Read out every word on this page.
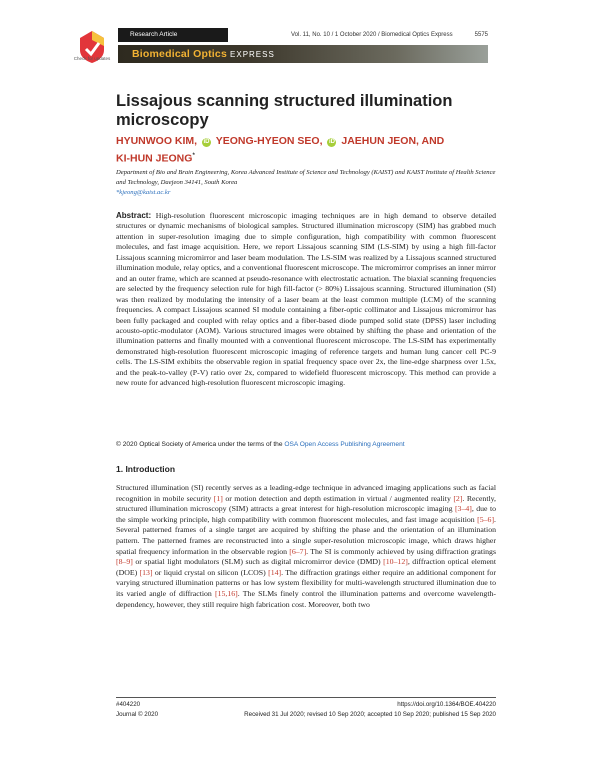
Check for updates
Research Article	Vol. 11, No. 10 / 1 October 2020 / Biomedical Optics Express	5575
Biomedical Optics EXPRESS
Lissajous scanning structured illumination microscopy
HYUNWOO KIM, iD YEONG-HYEON SEO, iD JAEHUN JEON, AND
KI-HUN JEONG*
Department of Bio and Brain Engineering, Korea Advanced Institute of Science and Technology (KAIST) and KAIST Institute of Health Science and Technology, Daejeon 34141, South Korea
*kjeong@kaist.ac.kr
Abstract: High-resolution fluorescent microscopic imaging techniques are in high demand to observe detailed structures or dynamic mechanisms of biological samples. Structured illumination microscopy (SIM) has grabbed much attention in super-resolution imaging due to simple configuration, high compatibility with common fluorescent molecules, and fast image acquisition. Here, we report Lissajous scanning SIM (LS-SIM) by using a high fill-factor Lissajous scanning micromirror and laser beam modulation. The LS-SIM was realized by a Lissajous scanned structured illumination module, relay optics, and a conventional fluorescent microscope. The micromirror comprises an inner mirror and an outer frame, which are scanned at pseudo-resonance with electrostatic actuation. The biaxial scanning frequencies are selected by the frequency selection rule for high fill-factor (> 80%) Lissajous scanning. Structured illumination (SI) was then realized by modulating the intensity of a laser beam at the least common multiple (LCM) of the scanning frequencies. A compact Lissajous scanned SI module containing a fiber-optic collimator and Lissajous micromirror has been fully packaged and coupled with relay optics and a fiber-based diode pumped solid state (DPSS) laser including acousto-optic-modulator (AOM). Various structured images were obtained by shifting the phase and orientation of the illumination patterns and finally mounted with a conventional fluorescent microscope. The LS-SIM has experimentally demonstrated high-resolution fluorescent microscopic imaging of reference targets and human lung cancer cell PC-9 cells. The LS-SIM exhibits the observable region in spatial frequency space over 2x, the line-edge sharpness over 1.5x, and the peak-to-valley (P-V) ratio over 2x, compared to widefield fluorescent microscopy. This method can provide a new route for advanced high-resolution fluorescent microscopic imaging.
© 2020 Optical Society of America under the terms of the OSA Open Access Publishing Agreement
1. Introduction
Structured illumination (SI) recently serves as a leading-edge technique in advanced imaging applications such as facial recognition in mobile security [1] or motion detection and depth estimation in virtual / augmented reality [2]. Recently, structured illumination microscopy (SIM) attracts a great interest for high-resolution microscopic imaging [3–4], due to the simple working principle, high compatibility with common fluorescent molecules, and fast image acquisition [5–6]. Several patterned frames of a single target are acquired by shifting the phase and the orientation of an illumination pattern. The patterned frames are reconstructed into a single super-resolution microscopic image, which draws higher spatial frequency information in the observable region [6–7]. The SI is commonly achieved by using diffraction gratings [8–9] or spatial light modulators (SLM) such as digital micromirror device (DMD) [10–12], diffraction optical element (DOE) [13] or liquid crystal on silicon (LCOS) [14]. The diffraction gratings either require an additional component for varying structured illumination patterns or has low system flexibility for multi-wavelength structured illumination due to its varied angle of diffraction [15,16]. The SLMs finely control the illumination patterns and overcome wavelength-dependency, however, they still require high fabrication cost. Moreover, both two
#404220
Journal © 2020
https://doi.org/10.1364/BOE.404220
Received 31 Jul 2020; revised 10 Sep 2020; accepted 10 Sep 2020; published 15 Sep 2020
